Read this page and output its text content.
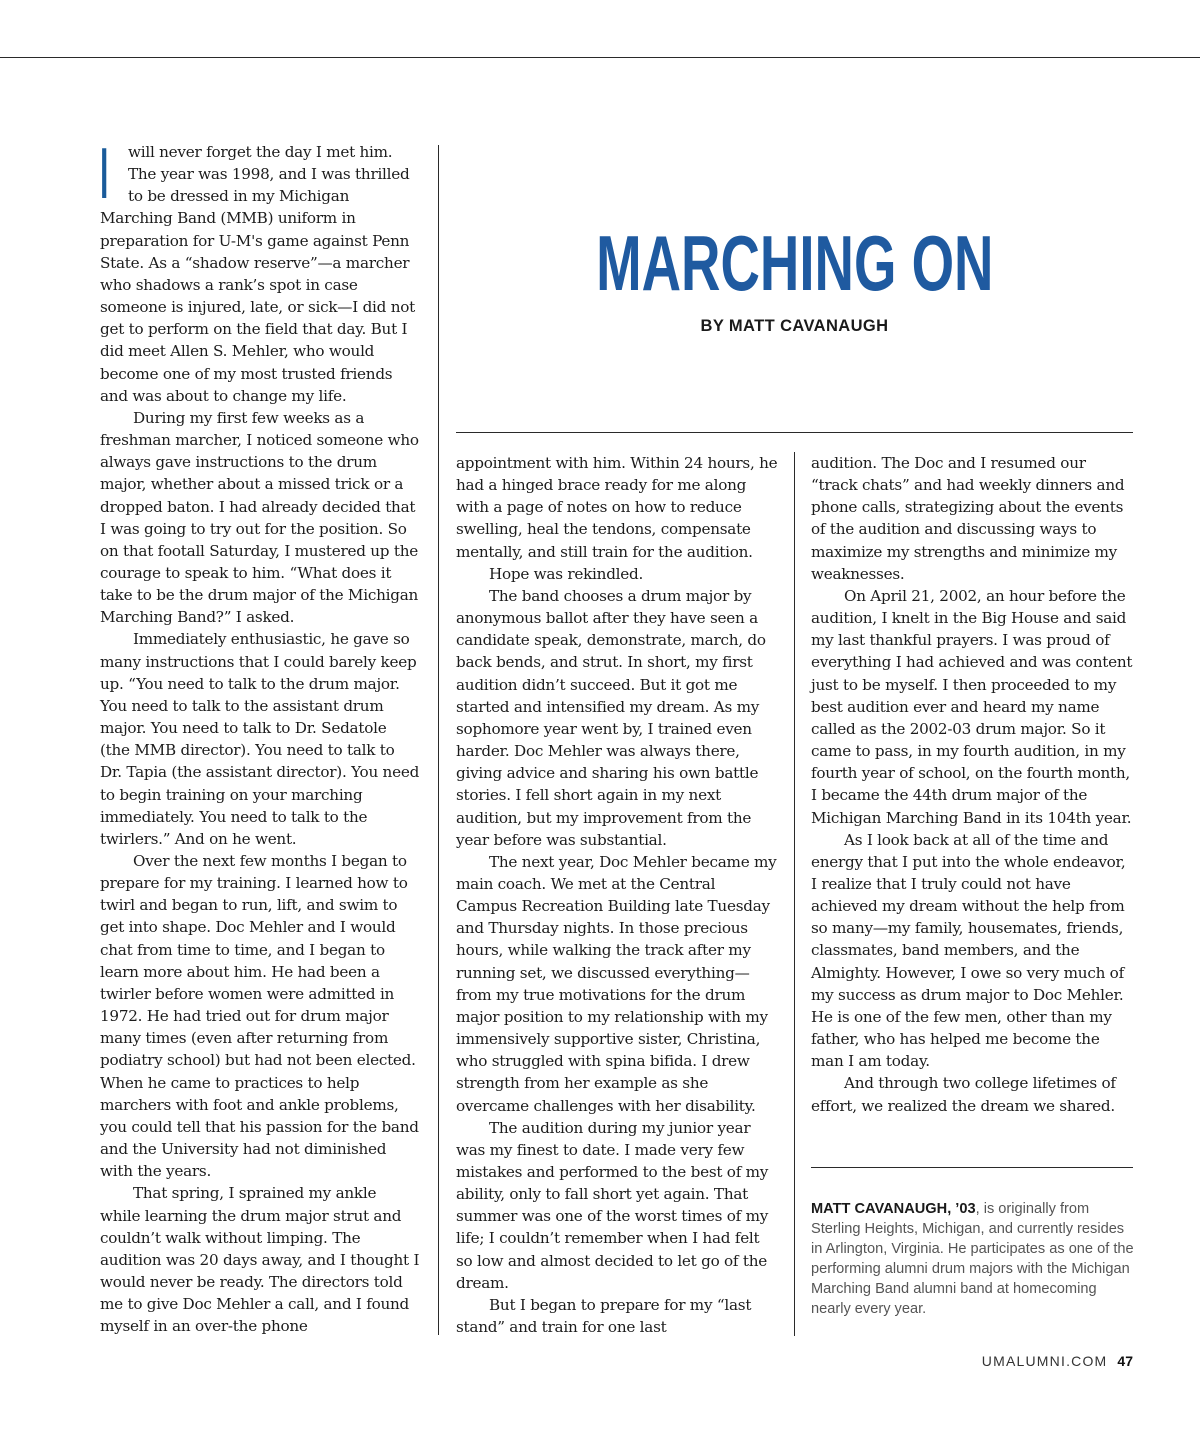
I will never forget the day I met him. The year was 1998, and I was thrilled to be dressed in my Michigan Marching Band (MMB) uniform in preparation for U-M's game against Penn State. As a “shadow reserve”—a marcher who shadows a rank’s spot in case someone is injured, late, or sick—I did not get to perform on the field that day. But I did meet Allen S. Mehler, who would become one of my most trusted friends and was about to change my life.

During my first few weeks as a freshman marcher, I noticed someone who always gave instructions to the drum major, whether about a missed trick or a dropped baton. I had already decided that I was going to try out for the position. So on that footall Saturday, I mustered up the courage to speak to him. “What does it take to be the drum major of the Michigan Marching Band?” I asked.

Immediately enthusiastic, he gave so many instructions that I could barely keep up. “You need to talk to the drum major. You need to talk to the assistant drum major. You need to talk to Dr. Sedatole (the MMB director). You need to talk to Dr. Tapia (the assistant director). You need to begin training on your marching immediately. You need to talk to the twirlers.” And on he went.

Over the next few months I began to prepare for my training. I learned how to twirl and began to run, lift, and swim to get into shape. Doc Mehler and I would chat from time to time, and I began to learn more about him. He had been a twirler before women were admitted in 1972. He had tried out for drum major many times (even after returning from podiatry school) but had not been elected. When he came to practices to help marchers with foot and ankle problems, you could tell that his passion for the band and the University had not diminished with the years.

That spring, I sprained my ankle while learning the drum major strut and couldn’t walk without limping. The audition was 20 days away, and I thought I would never be ready. The directors told me to give Doc Mehler a call, and I found myself in an over-the phone

MARCHING ON
BY MATT CAVANAUGH

appointment with him. Within 24 hours, he had a hinged brace ready for me along with a page of notes on how to reduce swelling, heal the tendons, compensate mentally, and still train for the audition.

Hope was rekindled.

The band chooses a drum major by anonymous ballot after they have seen a candidate speak, demonstrate, march, do back bends, and strut. In short, my first audition didn’t succeed. But it got me started and intensified my dream. As my sophomore year went by, I trained even harder. Doc Mehler was always there, giving advice and sharing his own battle stories. I fell short again in my next audition, but my improvement from the year before was substantial.

The next year, Doc Mehler became my main coach. We met at the Central Campus Recreation Building late Tuesday and Thursday nights. In those precious hours, while walking the track after my running set, we discussed everything—from my true motivations for the drum major position to my relationship with my immensively supportive sister, Christina, who struggled with spina bifida. I drew strength from her example as she overcame challenges with her disability.

The audition during my junior year was my finest to date. I made very few mistakes and performed to the best of my ability, only to fall short yet again. That summer was one of the worst times of my life; I couldn’t remember when I had felt so low and almost decided to let go of the dream.

But I began to prepare for my “last stand” and train for one last

audition. The Doc and I resumed our “track chats” and had weekly dinners and phone calls, strategizing about the events of the audition and discussing ways to maximize my strengths and minimize my weaknesses.

On April 21, 2002, an hour before the audition, I knelt in the Big House and said my last thankful prayers. I was proud of everything I had achieved and was content just to be myself. I then proceeded to my best audition ever and heard my name called as the 2002-03 drum major. So it came to pass, in my fourth audition, in my fourth year of school, on the fourth month, I became the 44th drum major of the Michigan Marching Band in its 104th year.

As I look back at all of the time and energy that I put into the whole endeavor, I realize that I truly could not have achieved my dream without the help from so many—my family, housemates, friends, classmates, band members, and the Almighty. However, I owe so very much of my success as drum major to Doc Mehler. He is one of the few men, other than my father, who has helped me become the man I am today.

And through two college lifetimes of effort, we realized the dream we shared.

MATT CAVANAUGH, ’03, is originally from Sterling Heights, Michigan, and currently resides in Arlington, Virginia. He participates as one of the performing alumni drum majors with the Michigan Marching Band alumni band at homecoming nearly every year.
UMALUMNI.COM 47
